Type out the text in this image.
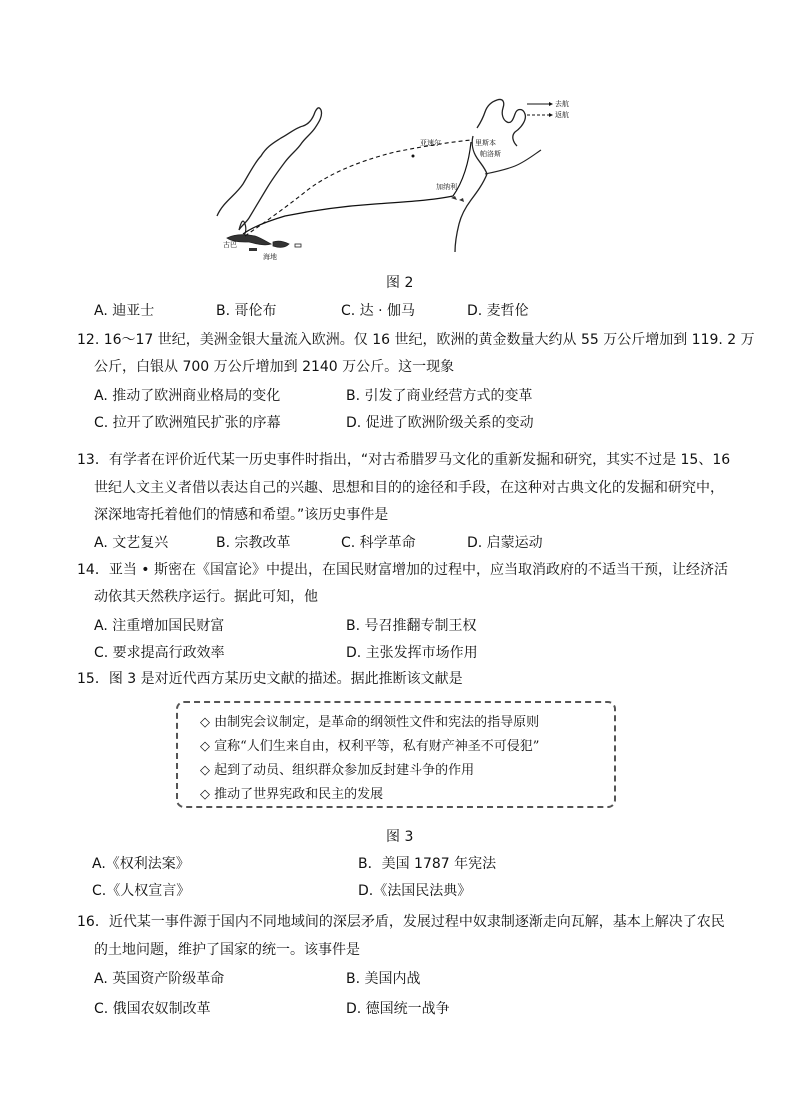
去航
返航
亚速尔	里斯本
帕洛斯
加纳利
古巴
海地
图 2
A. 迪亚士	B. 哥伦布	C. 达 · 伽马	D. 麦哲伦
12. 16～17 世纪，美洲金银大量流入欧洲。仅 16 世纪，欧洲的黄金数量大约从 55 万公斤增加到 119. 2 万
公斤，白银从 700 万公斤增加到 2140 万公斤。这一现象
A. 推动了欧洲商业格局的变化	B. 引发了商业经营方式的变革
C. 拉开了欧洲殖民扩张的序幕	D. 促进了欧洲阶级关系的变动
13．有学者在评价近代某一历史事件时指出，“对古希腊罗马文化的重新发掘和研究，其实不过是 15、16
世纪人文主义者借以表达自己的兴趣、思想和目的的途径和手段，在这种对古典文化的发掘和研究中，
深深地寄托着他们的情感和希望。”该历史事件是
A. 文艺复兴	B. 宗教改革	C. 科学革命	D. 启蒙运动
14．亚当 • 斯密在《国富论》中提出，在国民财富增加的过程中，应当取消政府的不适当干预，让经济活
动依其天然秩序运行。据此可知，他
A. 注重增加国民财富	B. 号召推翻专制王权
C. 要求提高行政效率	D. 主张发挥市场作用
15．图 3 是对近代西方某历史文献的描述。据此推断该文献是
◇ 由制宪会议制定，是革命的纲领性文件和宪法的指导原则
◇ 宣称“人们生来自由，权利平等，私有财产神圣不可侵犯”
◇ 起到了动员、组织群众参加反封建斗争的作用
◇ 推动了世界宪政和民主的发展
图 3
A.《权利法案》	B．美国 1787 年宪法
C.《人权宣言》	D.《法国民法典》
16．近代某一事件源于国内不同地域间的深层矛盾，发展过程中奴隶制逐渐走向瓦解，基本上解决了农民
的土地问题，维护了国家的统一。该事件是
A. 英国资产阶级革命	B. 美国内战
C. 俄国农奴制改革	D. 德国统一战争
